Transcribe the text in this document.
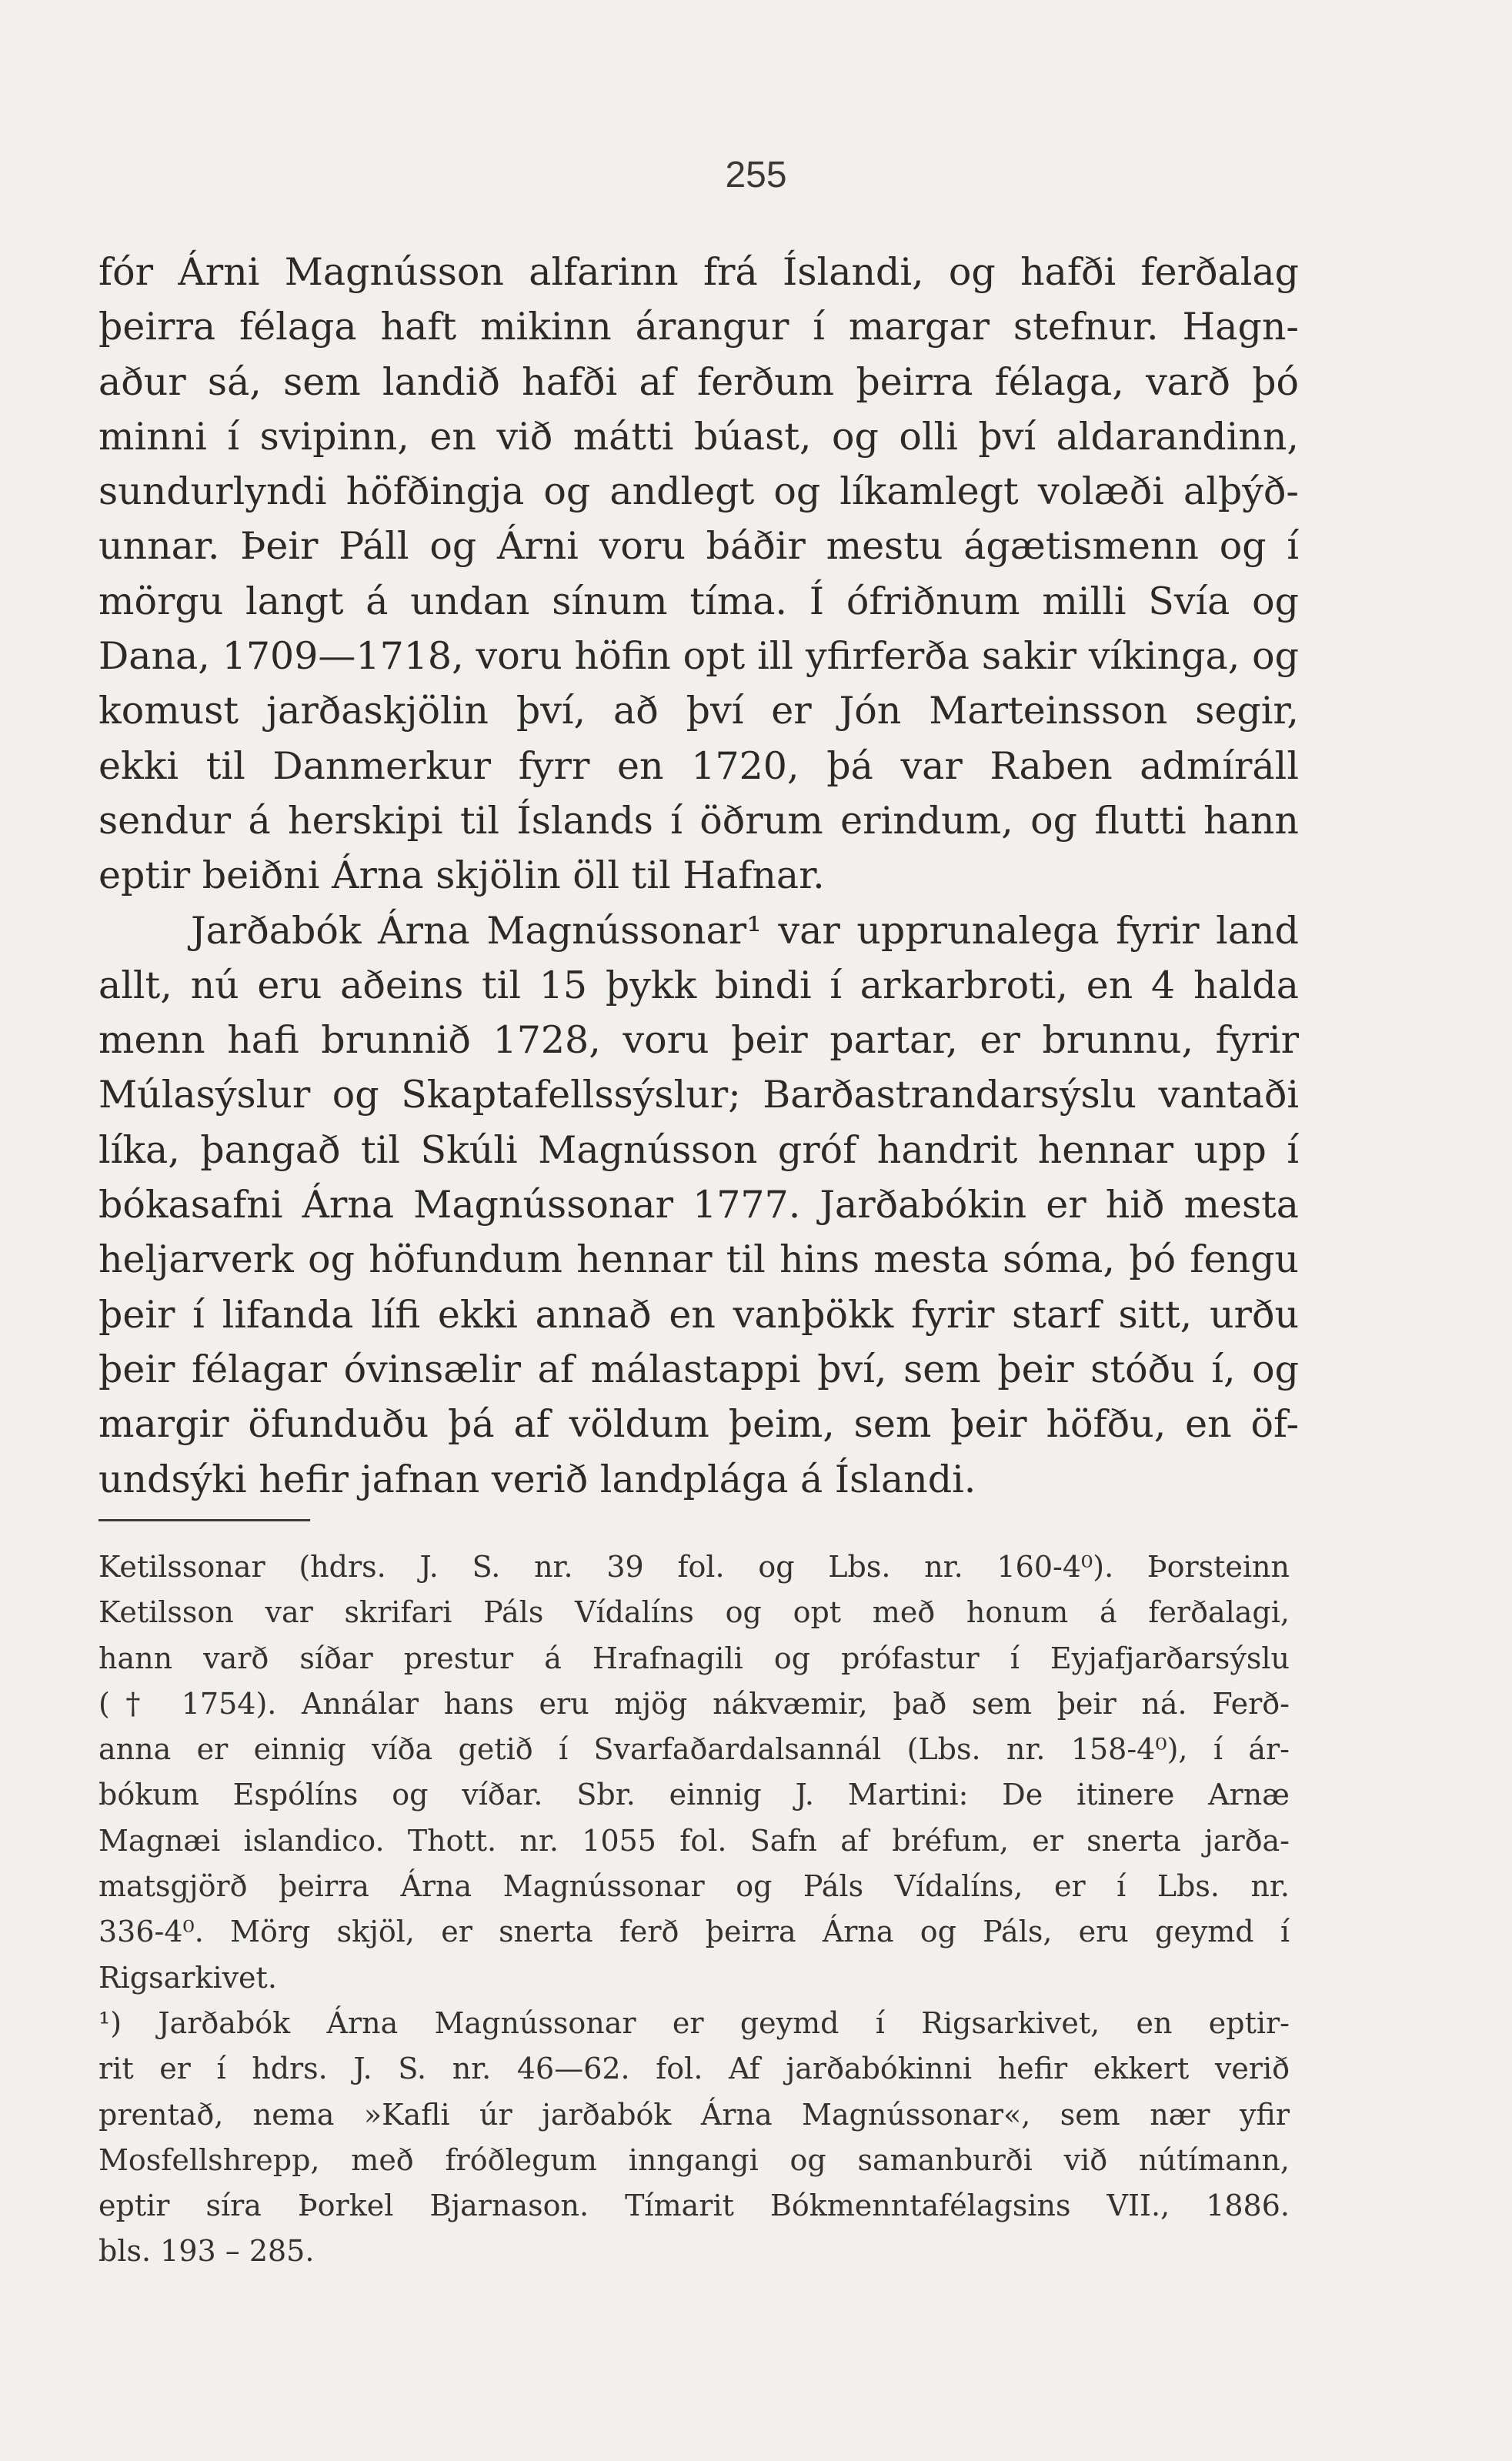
255
fór Árni Magnússon alfarinn frá Íslandi, og hafði ferðalag
þeirra félaga haft mikinn árangur í margar stefnur. Hagn-
aður sá, sem landið hafði af ferðum þeirra félaga, varð þó
minni í svipinn, en við mátti búast, og olli því aldarandinn,
sundurlyndi höfðingja og andlegt og líkamlegt volæði alþýð-
unnar. Þeir Páll og Árni voru báðir mestu ágætismenn og í
mörgu langt á undan sínum tíma. Í ófriðnum milli Svía og
Dana, 1709—1718, voru höfin opt ill yfirferða sakir víkinga, og
komust jarðaskjölin því, að því er Jón Marteinsson segir,
ekki til Danmerkur fyrr en 1720, þá var Raben admíráll
sendur á herskipi til Íslands í öðrum erindum, og flutti hann
eptir beiðni Árna skjölin öll til Hafnar.
Jarðabók Árna Magnússonar¹ var upprunalega fyrir land
allt, nú eru aðeins til 15 þykk bindi í arkarbroti, en 4 halda
menn hafi brunnið 1728, voru þeir partar, er brunnu, fyrir
Múlasýslur og Skaptafellssýslur; Barðastrandarsýslu vantaði
líka, þangað til Skúli Magnússon gróf handrit hennar upp í
bókasafni Árna Magnússonar 1777. Jarðabókin er hið mesta
heljarverk og höfundum hennar til hins mesta sóma, þó fengu
þeir í lifanda lífi ekki annað en vanþökk fyrir starf sitt, urðu
þeir félagar óvinsælir af málastappi því, sem þeir stóðu í, og
margir öfunduðu þá af völdum þeim, sem þeir höfðu, en öf-
undsýki hefir jafnan verið landplága á Íslandi.
Ketilssonar (hdrs. J. S. nr. 39 fol. og Lbs. nr. 160-4⁰). Þorsteinn
Ketilsson var skrifari Páls Vídalíns og opt með honum á ferðalagi,
hann varð síðar prestur á Hrafnagili og prófastur í Eyjafjarðarsýslu
(† 1754). Annálar hans eru mjög nákvæmir, það sem þeir ná. Ferð-
anna er einnig víða getið í Svarfaðardalsannál (Lbs. nr. 158-4⁰), í ár-
bókum Espólíns og víðar. Sbr. einnig J. Martini: De itinere Arnæ
Magnæi islandico. Thott. nr. 1055 fol. Safn af bréfum, er snerta jarða-
matsgjörð þeirra Árna Magnússonar og Páls Vídalíns, er í Lbs. nr.
336-4⁰. Mörg skjöl, er snerta ferð þeirra Árna og Páls, eru geymd í
Rigsarkivet.
¹) Jarðabók Árna Magnússonar er geymd í Rigsarkivet, en eptir-
rit er í hdrs. J. S. nr. 46—62. fol. Af jarðabókinni hefir ekkert verið
prentað, nema »Kafli úr jarðabók Árna Magnússonar«, sem nær yfir
Mosfellshrepp, með fróðlegum inngangi og samanburði við nútímann,
eptir síra Þorkel Bjarnason. Tímarit Bókmenntafélagsins VII., 1886.
bls. 193 – 285.
